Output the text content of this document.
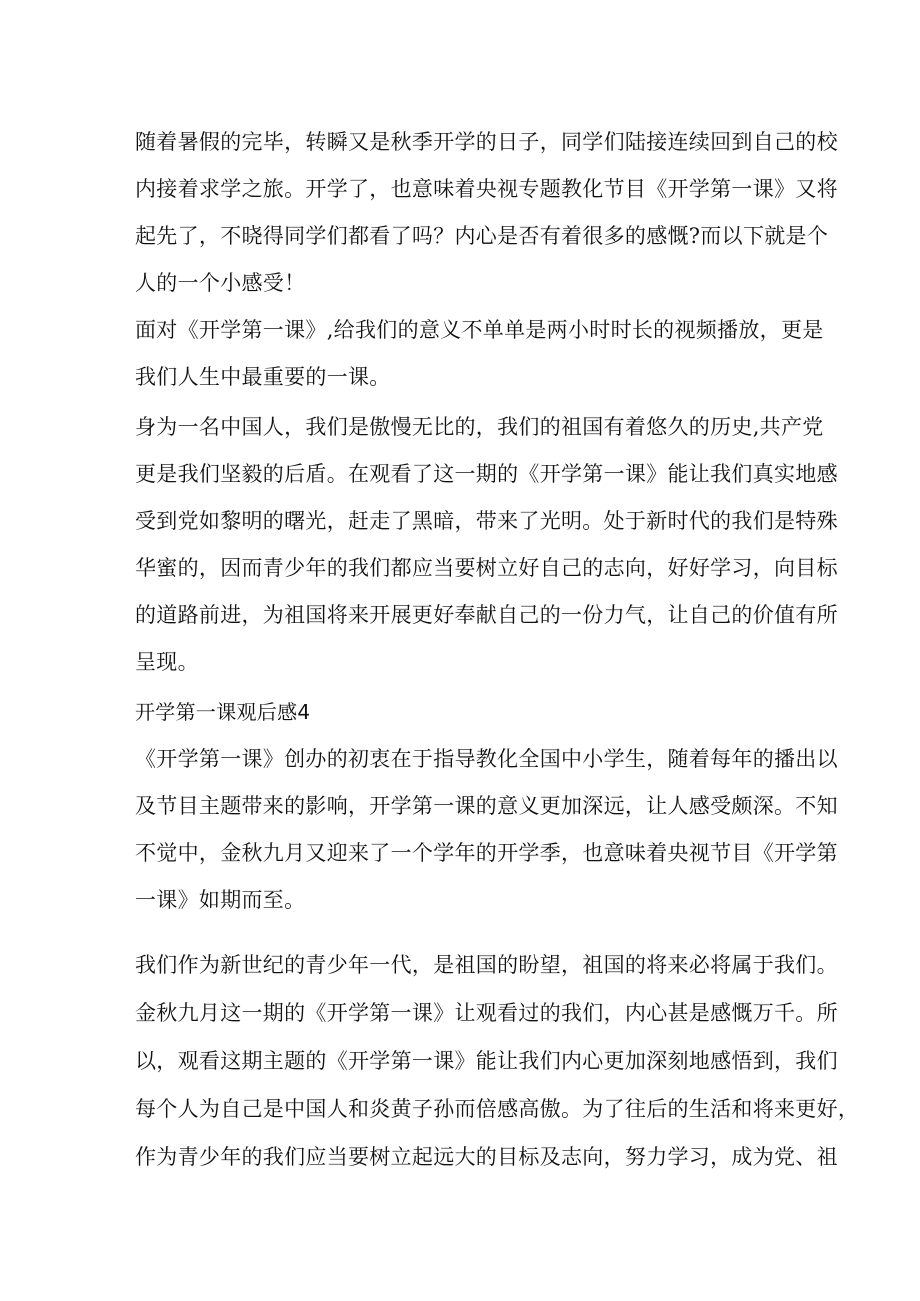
随着暑假的完毕，转瞬又是秋季开学的日子，同学们陆接连续回到自己的校
内接着求学之旅。开学了，也意味着央视专题教化节目《开学第一课》又将
起先了，不晓得同学们都看了吗？内心是否有着很多的感慨?而以下就是个
人的一个小感受！
面对《开学第一课》,给我们的意义不单单是两小时时长的视频播放，更是
我们人生中最重要的一课。
身为一名中国人，我们是傲慢无比的，我们的祖国有着悠久的历史,共产党
更是我们坚毅的后盾。在观看了这一期的《开学第一课》能让我们真实地感
受到党如黎明的曙光，赶走了黑暗，带来了光明。处于新时代的我们是特殊
华蜜的，因而青少年的我们都应当要树立好自己的志向，好好学习，向目标
的道路前进，为祖国将来开展更好奉献自己的一份力气，让自己的价值有所
呈现。
开学第一课观后感4
《开学第一课》创办的初衷在于指导教化全国中小学生，随着每年的播出以
及节目主题带来的影响，开学第一课的意义更加深远，让人感受颇深。不知
不觉中，金秋九月又迎来了一个学年的开学季，也意味着央视节目《开学第
一课》如期而至。
我们作为新世纪的青少年一代，是祖国的盼望，祖国的将来必将属于我们。
金秋九月这一期的《开学第一课》让观看过的我们，内心甚是感慨万千。所
以，观看这期主题的《开学第一课》能让我们内心更加深刻地感悟到，我们
每个人为自己是中国人和炎黄子孙而倍感高傲。为了往后的生活和将来更好，
作为青少年的我们应当要树立起远大的目标及志向，努力学习，成为党、祖
